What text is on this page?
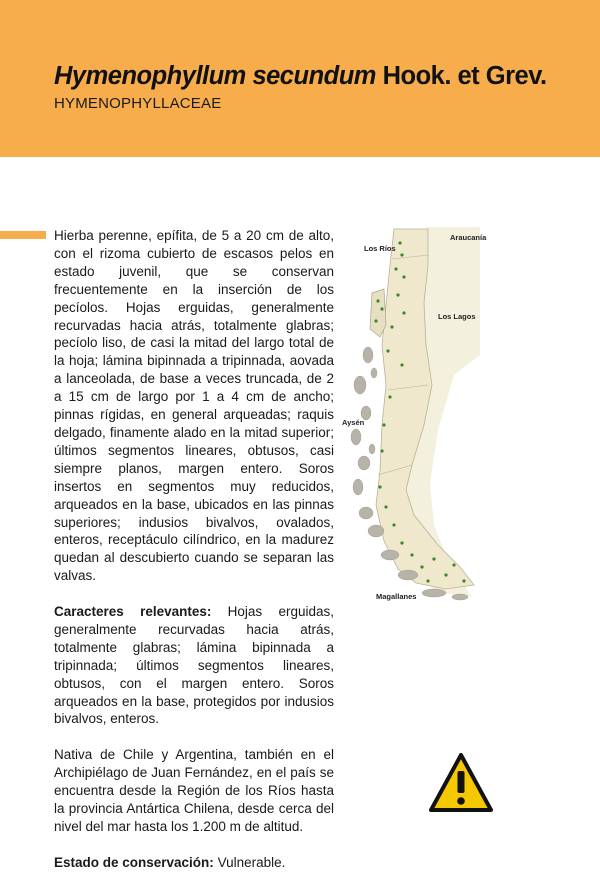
Hymenophyllum secundum Hook. et Grev.
HYMENOPHYLLACEAE

Hierba perenne, epífita, de 5 a 20 cm de alto, con el rizoma cubierto de escasos pelos en estado juvenil, que se conservan frecuentemente en la inserción de los pecíolos. Hojas erguidas, generalmente recurvadas hacia atrás, totalmente glabras; pecíolo liso, de casi la mitad del largo total de la hoja; lámina bipinnada a tripinnada, aovada a lanceolada, de base a veces truncada, de 2 a 15 cm de largo por 1 a 4 cm de ancho; pinnas rígidas, en general arqueadas; raquis delgado, finamente alado en la mitad superior; últimos segmentos lineares, obtusos, casi siempre planos, margen entero. Soros insertos en segmentos muy reducidos, arqueados en la base, ubicados en las pinnas superiores; indusios bivalvos, ovalados, enteros, receptáculo cilíndrico, en la madurez quedan al descubierto cuando se separan las valvas.

Caracteres relevantes: Hojas erguidas, generalmente recurvadas hacia atrás, totalmente glabras; lámina bipinnada a tripinnada; últimos segmentos lineares, obtusos, con el margen entero. Soros arqueados en la base, protegidos por indusios bivalvos, enteros.

Nativa de Chile y Argentina, también en el Archipiélago de Juan Fernández, en el país se encuentra desde la Región de los Ríos hasta la provincia Antártica Chilena, desde cerca del nivel del mar hasta los 1.200 m de altitud.

Estado de conservación: Vulnerable.

Los Ríos
Araucanía
Los Lagos
Aysén
Magallanes
